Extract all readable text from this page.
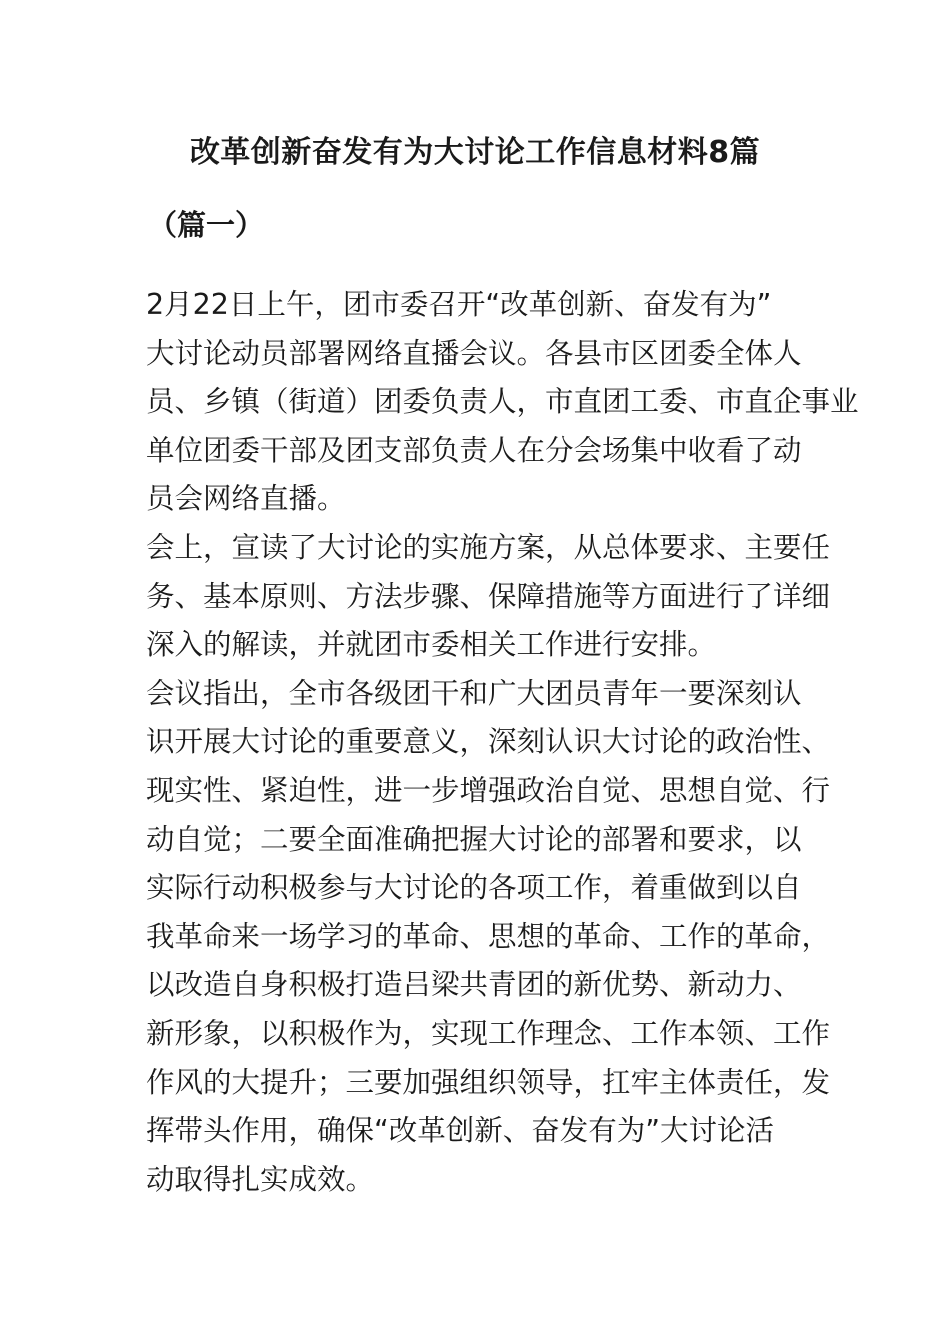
改革创新奋发有为大讨论工作信息材料8篇
（篇一）
2月22日上午，团市委召开“改革创新、奋发有为”
大讨论动员部署网络直播会议。各县市区团委全体人
员、乡镇（街道）团委负责人，市直团工委、市直企事业
单位团委干部及团支部负责人在分会场集中收看了动
员会网络直播。
会上，宣读了大讨论的实施方案，从总体要求、主要任
务、基本原则、方法步骤、保障措施等方面进行了详细
深入的解读，并就团市委相关工作进行安排。
会议指出，全市各级团干和广大团员青年一要深刻认
识开展大讨论的重要意义，深刻认识大讨论的政治性、
现实性、紧迫性，进一步增强政治自觉、思想自觉、行
动自觉；二要全面准确把握大讨论的部署和要求，以
实际行动积极参与大讨论的各项工作，着重做到以自
我革命来一场学习的革命、思想的革命、工作的革命，
以改造自身积极打造吕梁共青团的新优势、新动力、
新形象，以积极作为，实现工作理念、工作本领、工作
作风的大提升；三要加强组织领导，扛牢主体责任，发
挥带头作用，确保“改革创新、奋发有为”大讨论活
动取得扎实成效。
